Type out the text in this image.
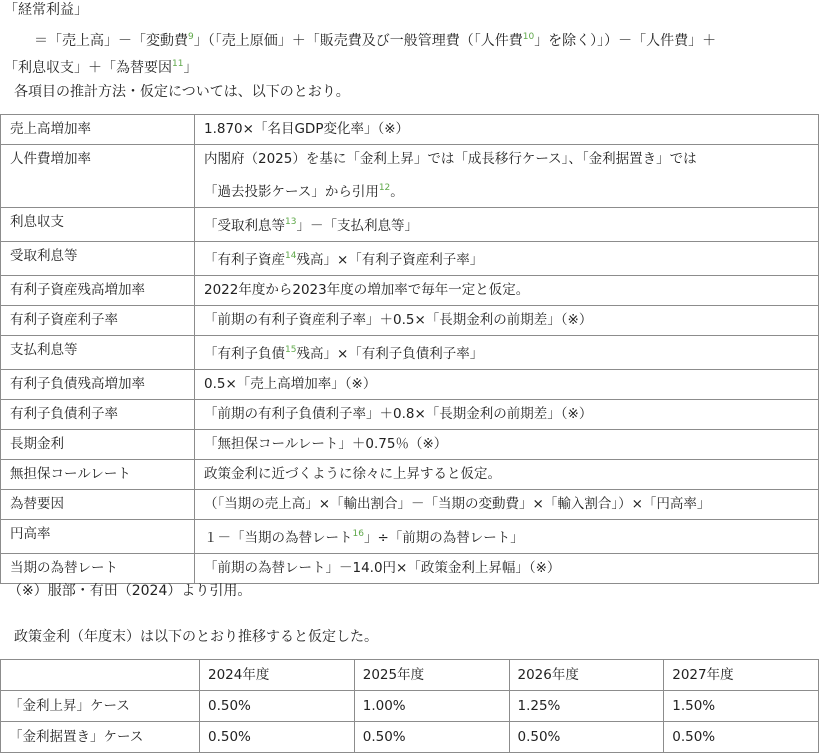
「経常利益」
＝「売上高」－「変動費$^9$」（「売上原価」＋「販売費及び一般管理費（「人件費$^{10}$」を除く）」）－「人件費」＋
「利息収支」＋「為替要因$^{11}$」
各項目の推計方法・仮定については、以下のとおり。
売上高増加率	1.870×「名目GDP変化率」（※）
人件費増加率	内閣府（2025）を基に「金利上昇」では「成長移行ケース」、「金利据置き」では
「過去投影ケース」から引用$^{12}$。

利息収支	「受取利息等$^{13}$」－「支払利息等」
受取利息等	「有利子資産$^{14}$残高」×「有利子資産利子率」
有利子資産残高増加率	2022年度から2023年度の増加率で毎年一定と仮定。
有利子資産利子率	「前期の有利子資産利子率」＋0.5×「長期金利の前期差」（※）
支払利息等	「有利子負債$^{15}$残高」×「有利子負債利子率」
有利子負債残高増加率	0.5×「売上高増加率」（※）
有利子負債利子率	「前期の有利子負債利子率」＋0.8×「長期金利の前期差」（※）
長期金利	「無担保コールレート」＋0.75％（※）
無担保コールレート	政策金利に近づくように徐々に上昇すると仮定。
為替要因	（「当期の売上高」×「輸出割合」－「当期の変動費」×「輸入割合」）×「円高率」
円高率	１－「当期の為替レート$^{16}$」÷「前期の為替レート」
当期の為替レート	「前期の為替レート」－14.0円×「政策金利上昇幅」（※）
（※）服部・有田（2024）より引用。
政策金利（年度末）は以下のとおり推移すると仮定した。
	2024年度	2025年度	2026年度	2027年度
「金利上昇」ケース	0.50%	1.00%	1.25%	1.50%
「金利据置き」ケース	0.50%	0.50%	0.50%	0.50%
